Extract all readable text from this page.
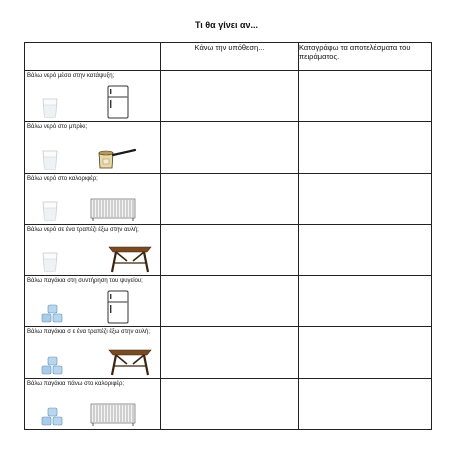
Τι θα γίνει αν...
	Κάνω την υπόθεση...	Καταγράφω τα αποτελέσματα του πειράματος.

Βάλω νερό μέσα στην κατάψυξη;		

Βάλω νερό στο μπρίκι;		

Βάλω νερό στο καλοριφέρ;		

Βάλω νερό σε ένα τραπέζι έξω στην αυλή;		

Βάλω παγάκια στη συντήρηση του ψυγείου;		

Βάλω παγάκια σ ε ένα τραπέζι έξω στην αυλή;		

Βάλω παγάκια πάνω στο καλοριφέρ;		
